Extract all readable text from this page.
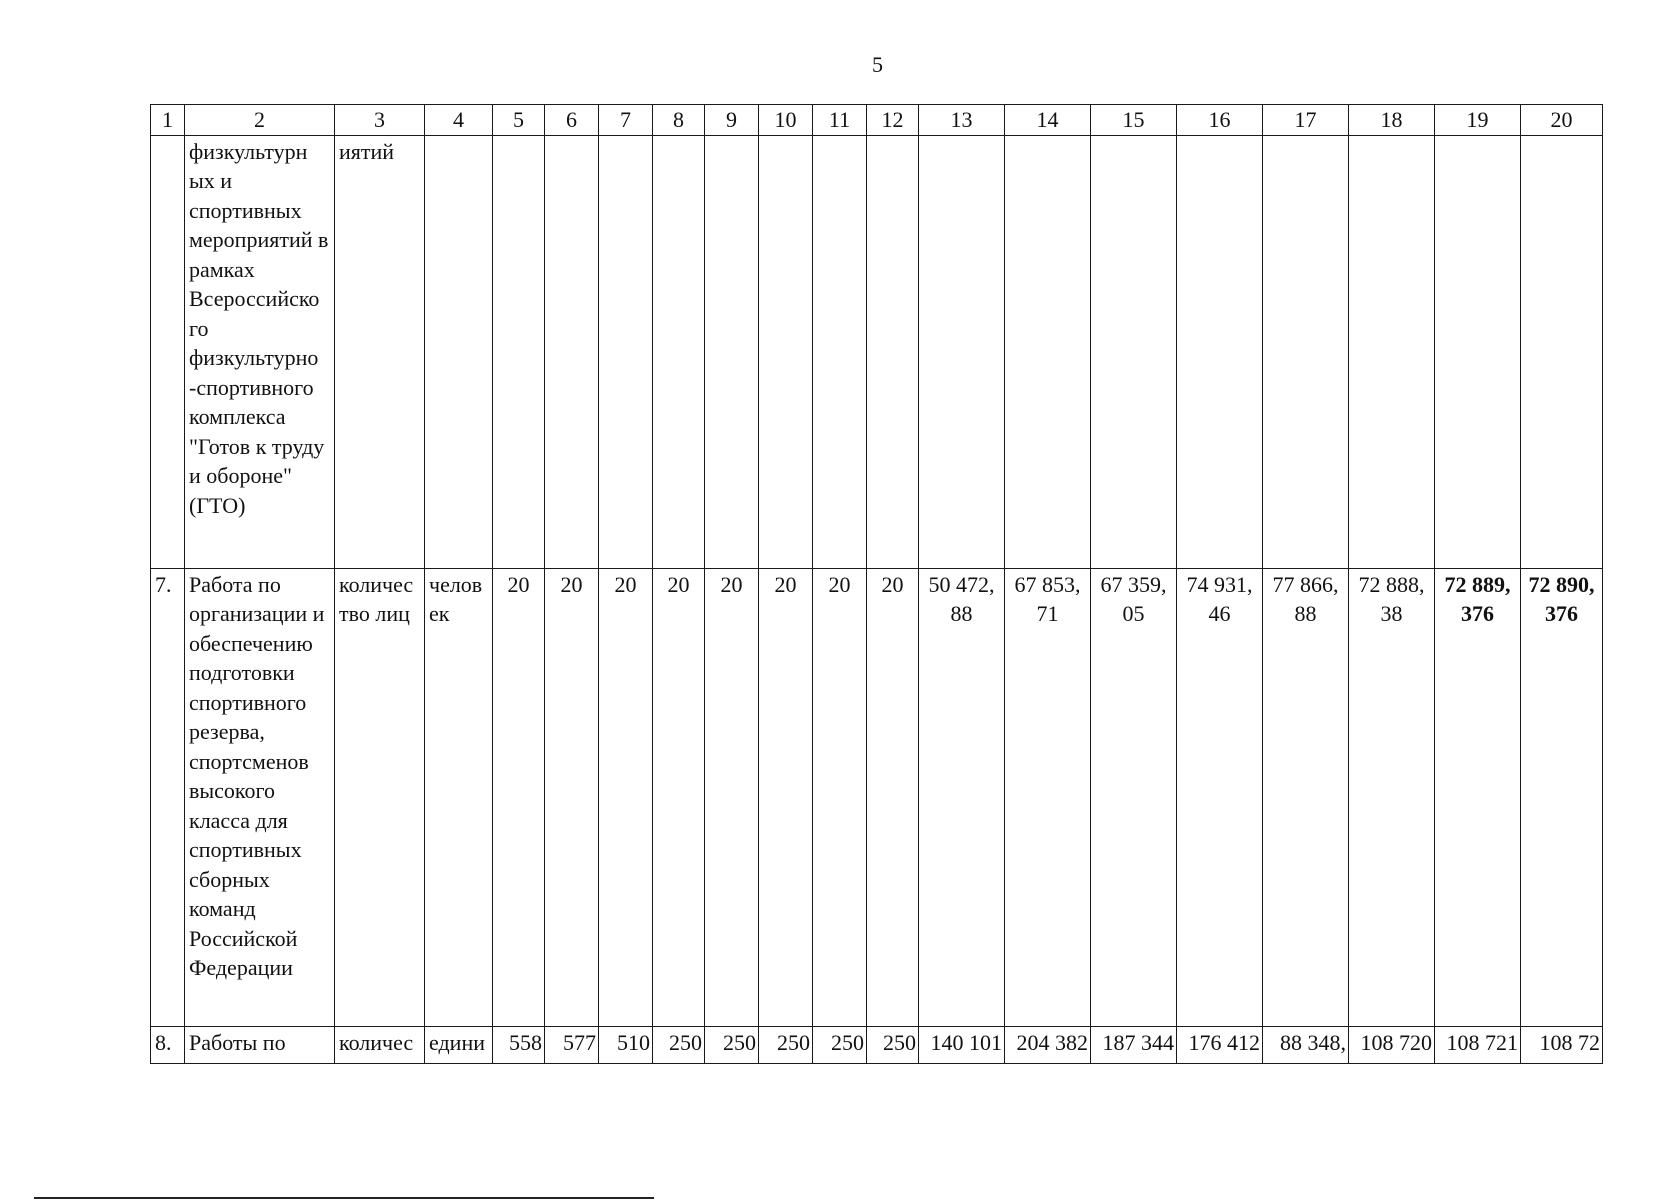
5
1	2	3	4	5	6	7	8	9	10	11	12	13	14	15	16	17	18	19	20
	физкультурн ых и спортивных мероприятий в рамках Всероссийско го физкультурно -спортивного комплекса "Готов к труду и обороне" (ГТО)	иятий																	
7.	Работа по организации и обеспечению подготовки спортивного резерва, спортсменов высокого класса для спортивных сборных команд Российской Федерации	количес тво лиц	челов ек	20	20	20	20	20	20	20	20	50 472, 88	67 853, 71	67 359, 05	74 931, 46	77 866, 88	72 888, 38	72 889, 376	72 890, 376
8.	Работы по	количес	едини	558	577	510	250	250	250	250	250	140 101	204 382	187 344	176 412	88 348,	108 720	108 721	108 72
